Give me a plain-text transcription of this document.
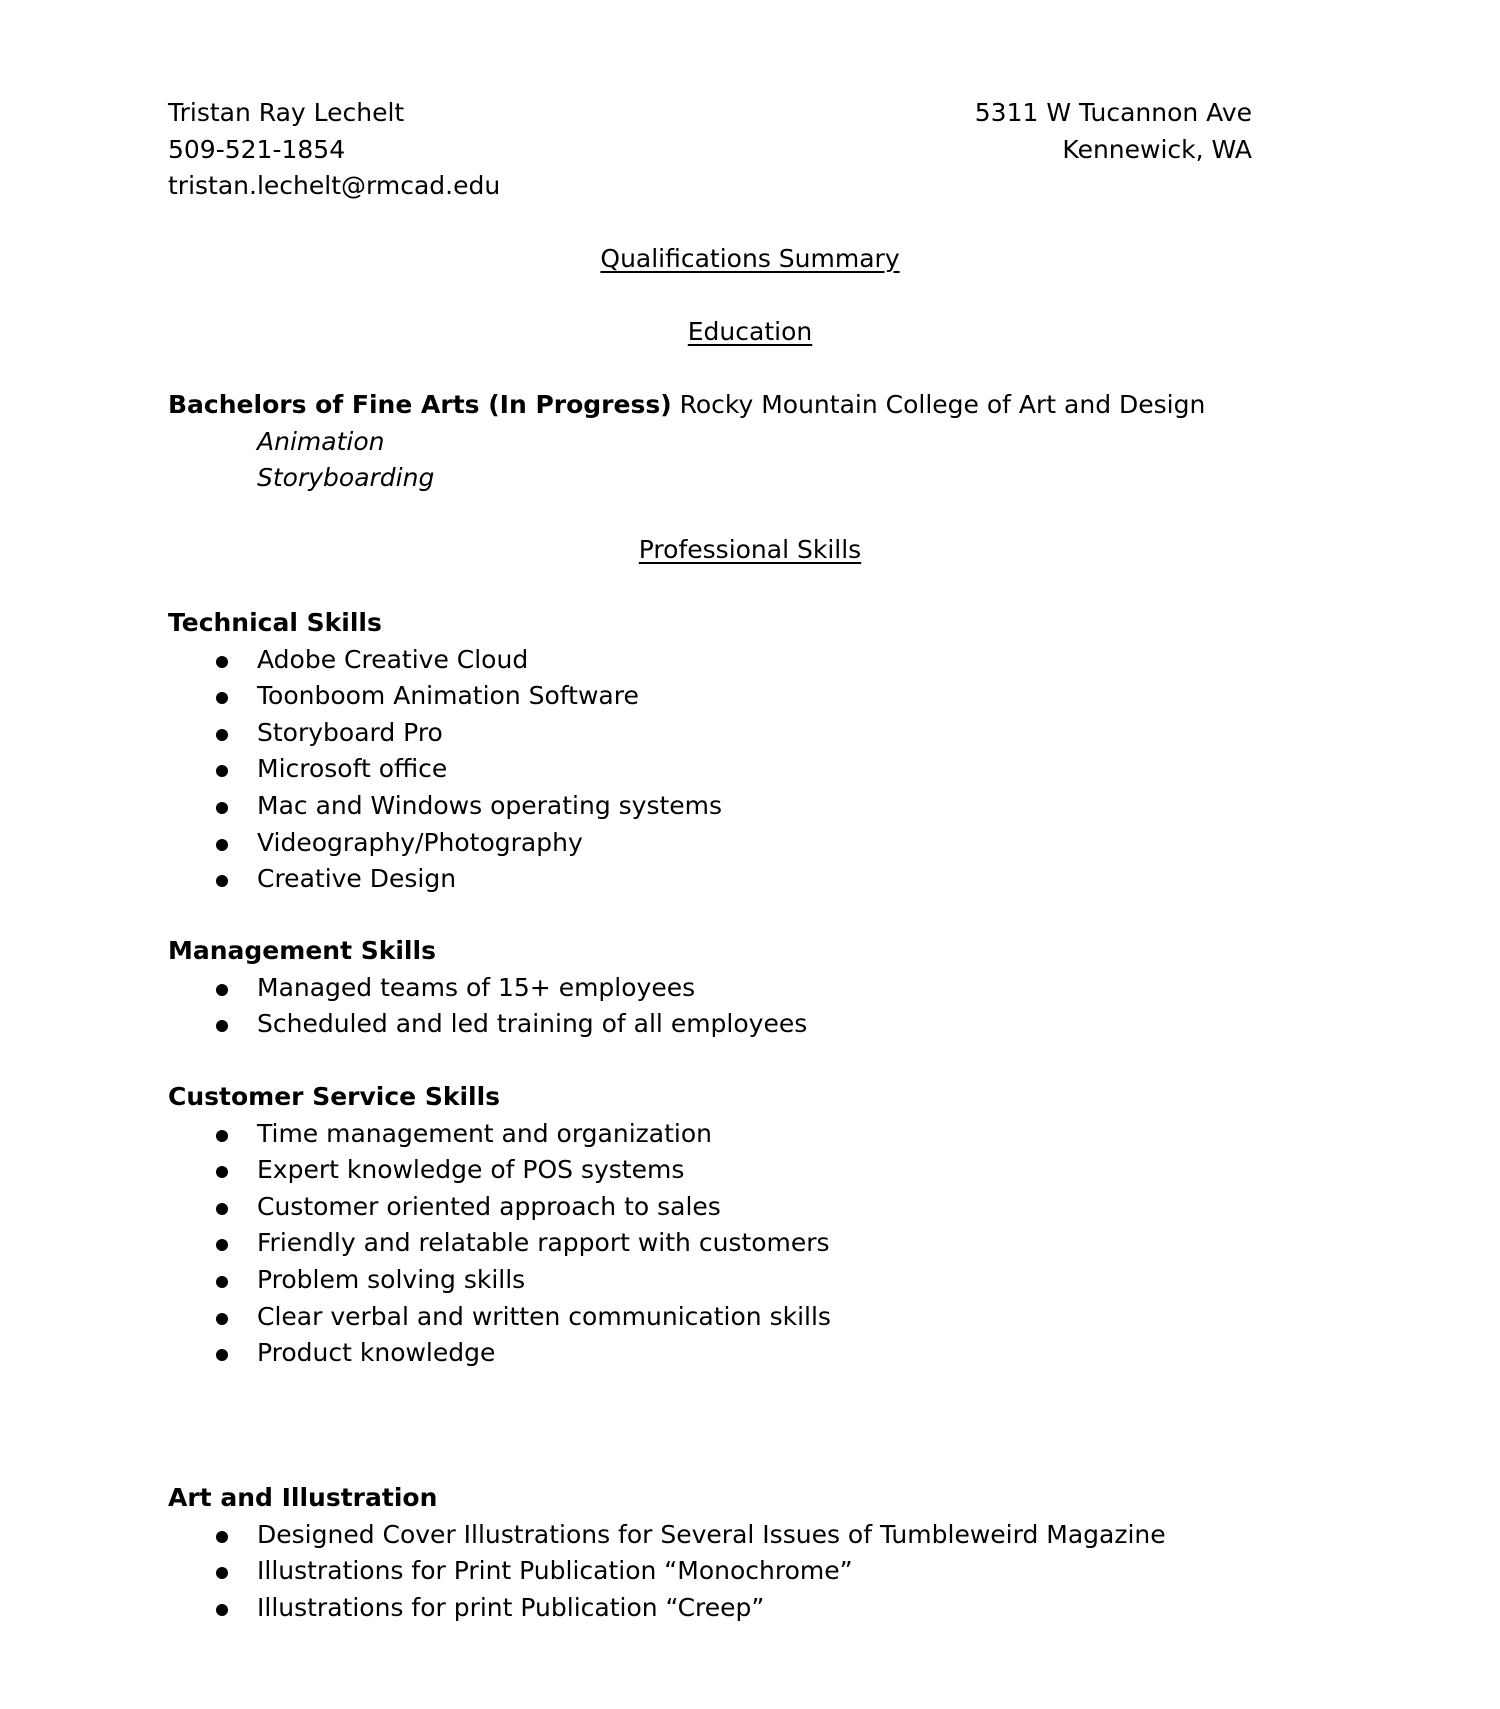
Tristan Ray Lechelt
509-521-1854
tristan.lechelt@rmcad.edu
5311 W Tucannon Ave
Kennewick, WA
Qualifications Summary
Education
Bachelors of Fine Arts (In Progress) Rocky Mountain College of Art and Design
Animation
Storyboarding
Professional Skills
Technical Skills
Adobe Creative Cloud
Toonboom Animation Software
Storyboard Pro
Microsoft office
Mac and Windows operating systems
Videography/Photography
Creative Design
Management Skills
Managed teams of 15+ employees
Scheduled and led training of all employees
Customer Service Skills
Time management and organization
Expert knowledge of POS systems
Customer oriented approach to sales
Friendly and relatable rapport with customers
Problem solving skills
Clear verbal and written communication skills
Product knowledge
Art and Illustration
Designed Cover Illustrations for Several Issues of Tumbleweird Magazine
Illustrations for Print Publication “Monochrome”
Illustrations for print Publication “Creep”
